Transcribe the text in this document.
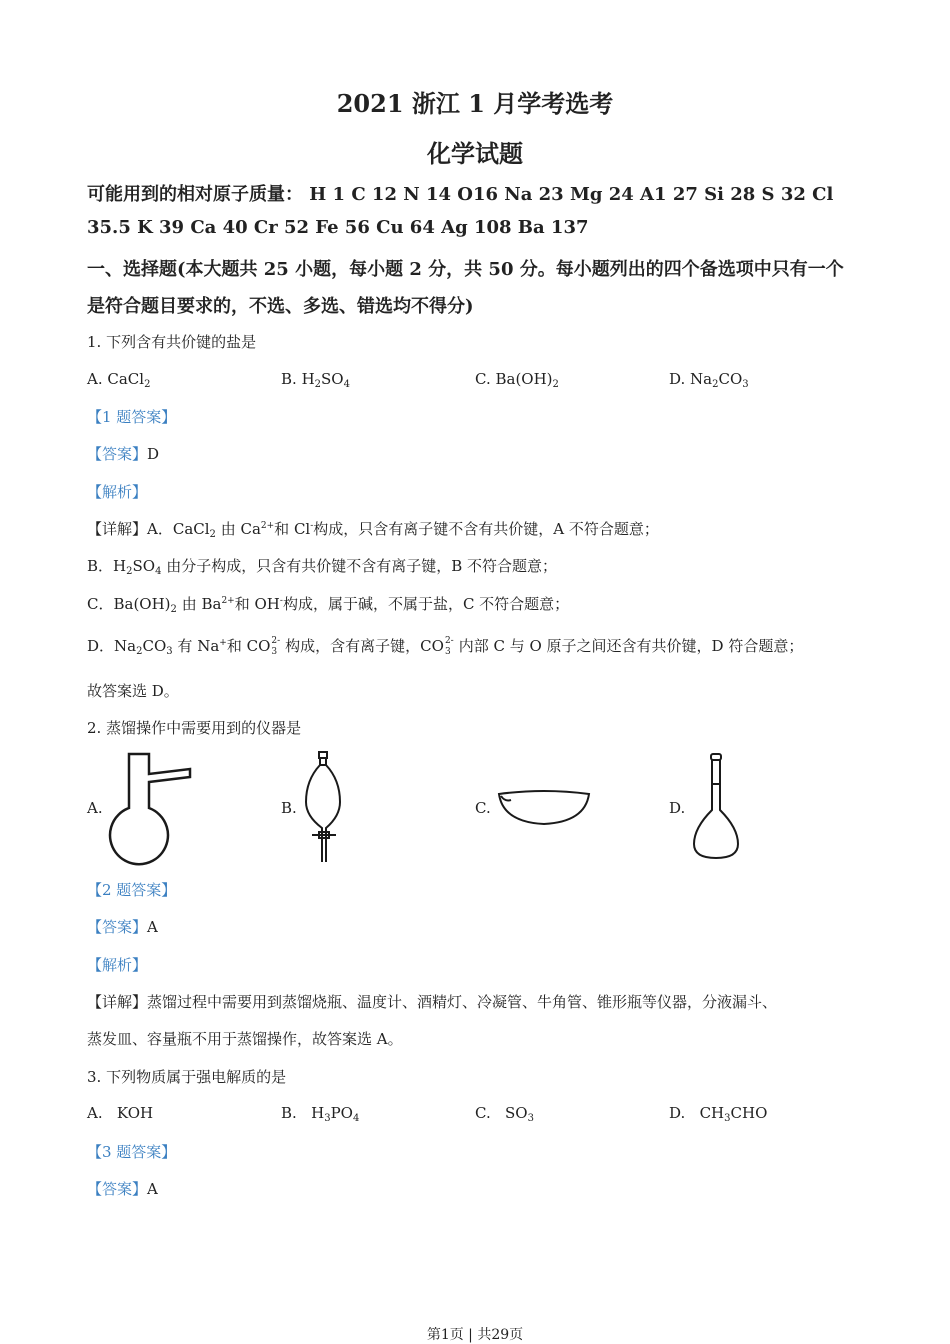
2021 浙江 1 月学考选考
化学试题
可能用到的相对原子质量： H 1 C 12 N 14 O16 Na 23 Mg 24 A1 27 Si 28 S 32 Cl
35.5 K 39 Ca 40 Cr 52 Fe 56 Cu 64 Ag 108 Ba 137
一、选择题(本大题共 25 小题，每小题 2 分，共 50 分。每小题列出的四个备选项中只有一个
是符合题目要求的，不选、多选、错选均不得分)
1. 下列含有共价键的盐是
A. CaCl$_2$	B. $H_2SO_4$	C. $Ba(OH)_2$	D. $Na_2CO_3$
【1 题答案】
【答案】D
【解析】
【详解】A．CaCl$_2$ 由 $Ca^{2+}$和 Cl-构成，只含有离子键不含有共价键，A 不符合题意；
B．$H_2SO_4$ 由分子构成，只含有共价键不含有离子键，B 不符合题意；
C．$Ba(OH)_2$ 由 $Ba^{2+}$和 OH-构成，属于碱，不属于盐，C 不符合题意；
D．$Na_2CO_3$ 有 Na+和 CO 2-
3 构成，含有离子键，CO 2-
3 内部 C 与 O 原子之间还含有共价键，D 符合题意；
故答案选 D。
2. 蒸馏操作中需要用到的仪器是
A.	B.	C.	D.
【2 题答案】
【答案】A
【解析】
【详解】蒸馏过程中需要用到蒸馏烧瓶、温度计、酒精灯、冷凝管、牛角管、锥形瓶等仪器，分液漏斗、
蒸发皿、容量瓶不用于蒸馏操作，故答案选 A。
3. 下列物质属于强电解质的是
A. KOH	B. $H_3PO_4$	C. $SO_3$	D. $CH_3CHO$
【3 题答案】
【答案】A
第1页 | 共29页
